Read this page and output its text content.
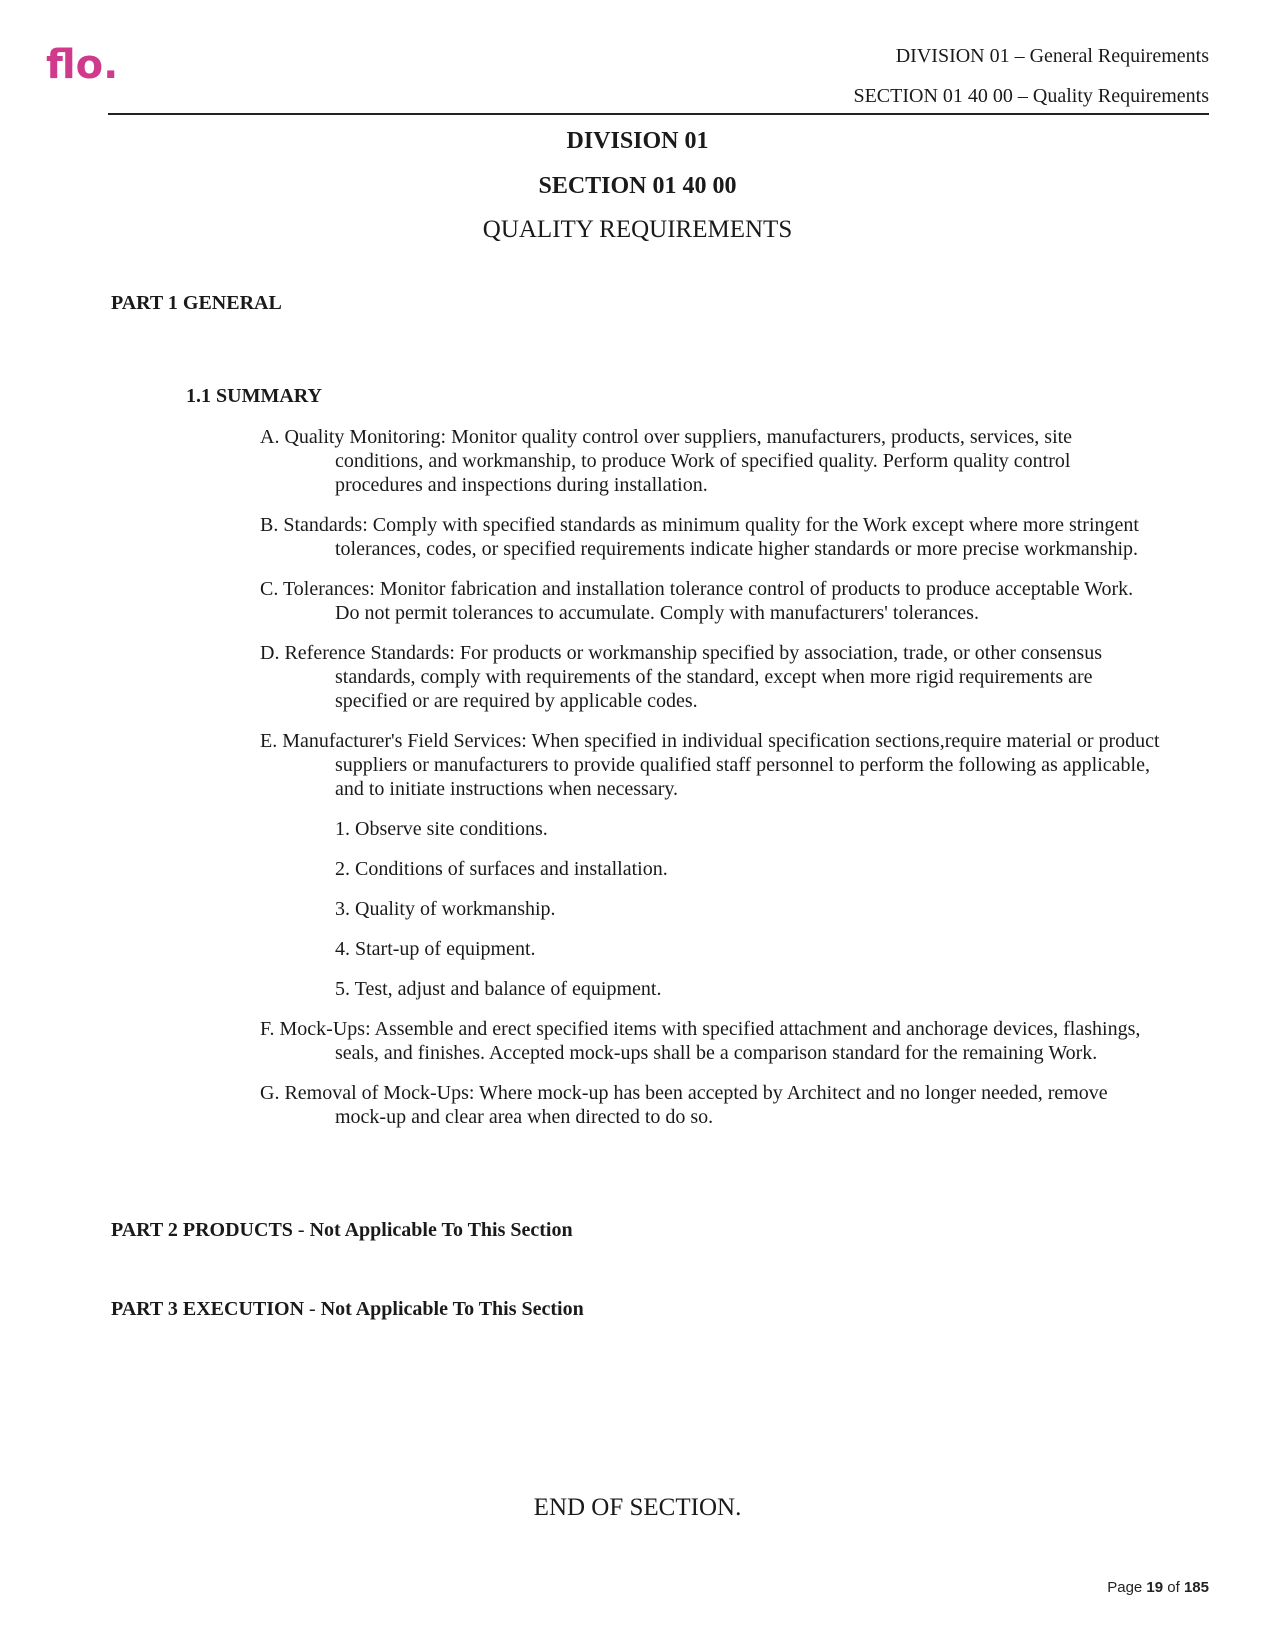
flo.	DIVISION 01 – General Requirements
SECTION 01 40 00 – Quality Requirements
DIVISION 01
SECTION 01 40 00
QUALITY REQUIREMENTS
PART 1 GENERAL
1.1 SUMMARY

A. Quality Monitoring: Monitor quality control over suppliers, manufacturers, products, services, site conditions, and workmanship, to produce Work of specified quality. Perform quality control procedures and inspections during installation.

B. Standards: Comply with specified standards as minimum quality for the Work except where more stringent tolerances, codes, or specified requirements indicate higher standards or more precise workmanship.

C. Tolerances: Monitor fabrication and installation tolerance control of products to produce acceptable Work. Do not permit tolerances to accumulate. Comply with manufacturers' tolerances.

D. Reference Standards: For products or workmanship specified by association, trade, or other consensus standards, comply with requirements of the standard, except when more rigid requirements are specified or are required by applicable codes.

E. Manufacturer's Field Services: When specified in individual specification sections,require material or product suppliers or manufacturers to provide qualified staff personnel to perform the following as applicable, and to initiate instructions when necessary.

1. Observe site conditions.

2. Conditions of surfaces and installation.

3. Quality of workmanship.

4. Start-up of equipment.

5. Test, adjust and balance of equipment.

F. Mock-Ups: Assemble and erect specified items with specified attachment and anchorage devices, flashings, seals, and finishes. Accepted mock-ups shall be a comparison standard for the remaining Work.

G. Removal of Mock-Ups: Where mock-up has been accepted by Architect and no longer needed, remove mock-up and clear area when directed to do so.

PART 2 PRODUCTS - Not Applicable To This Section
PART 3 EXECUTION - Not Applicable To This Section
END OF SECTION.
Page 19 of 185
